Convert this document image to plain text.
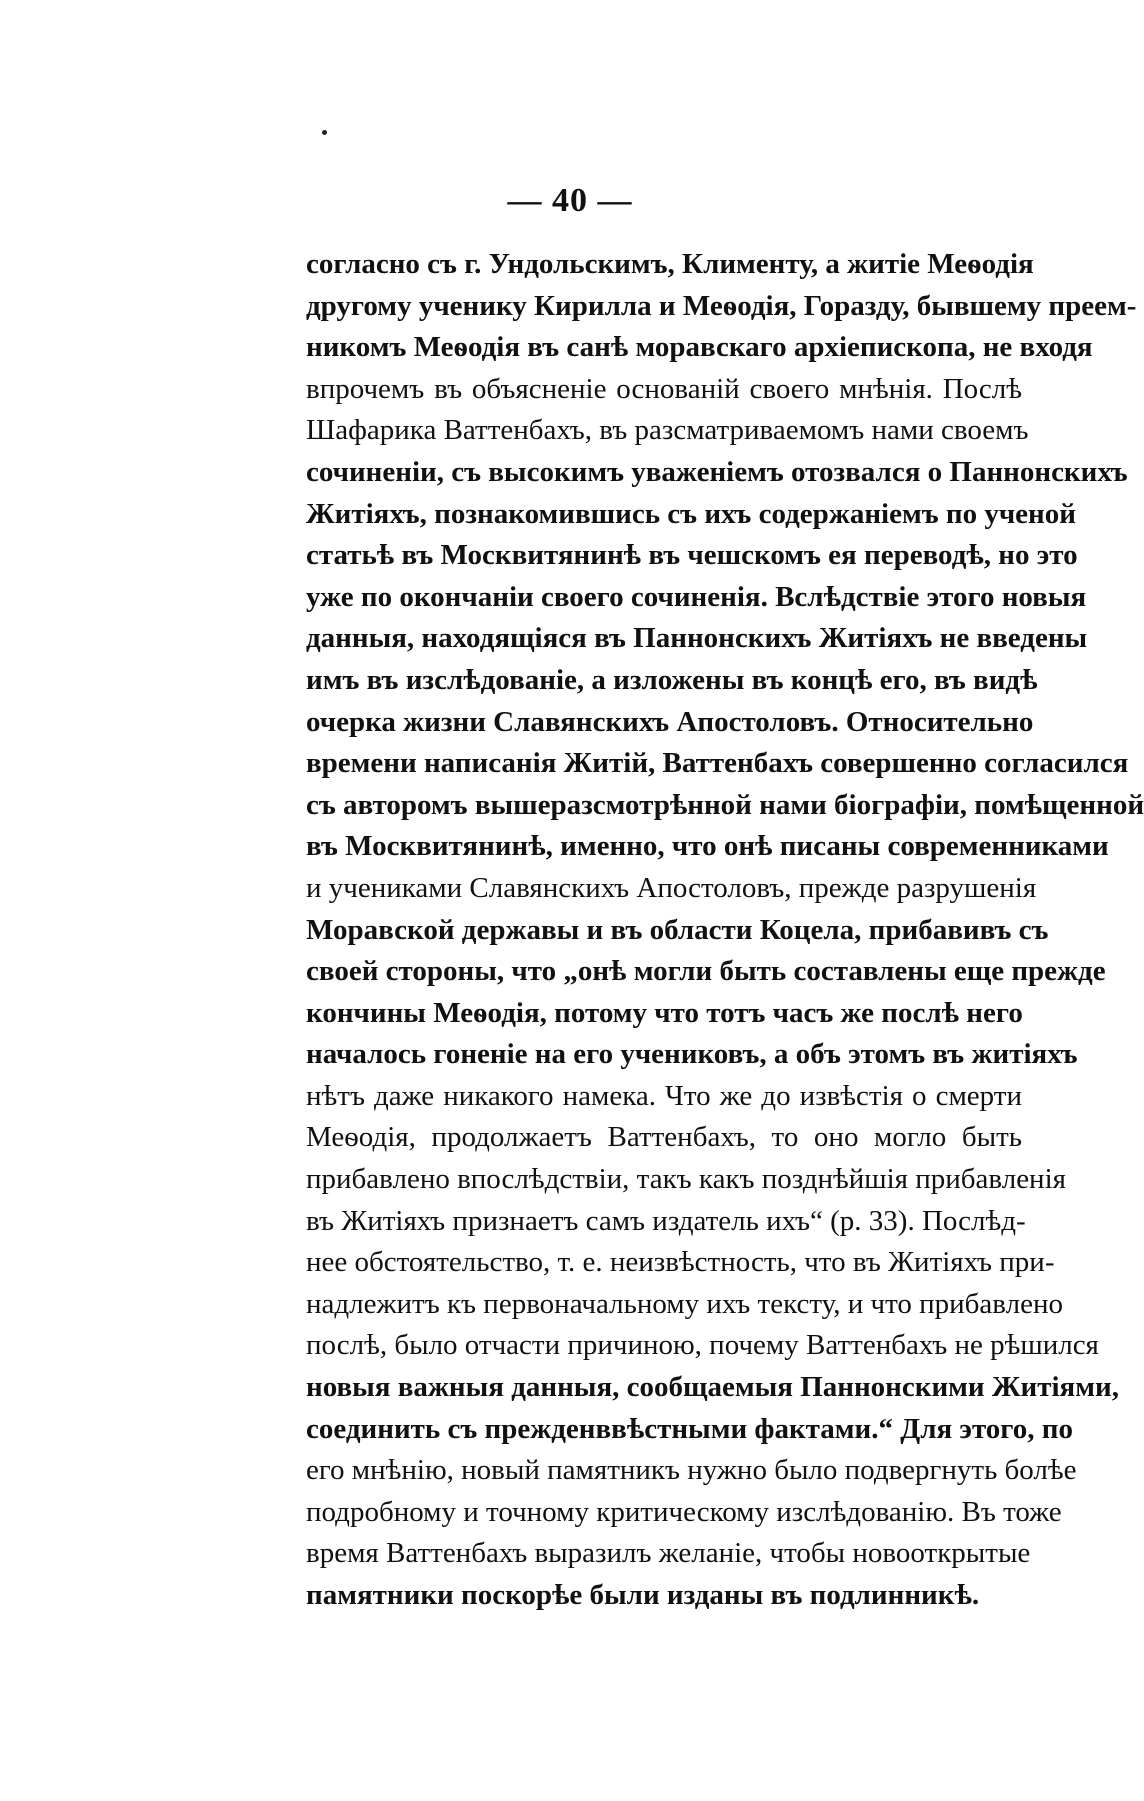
— 40 —
согласно съ г. Ундольскимъ, Клименту, а житіе Меѳодія
другому ученику Кирилла и Меѳодія, Горазду, бывшему преем-
никомъ Меѳодія въ санѣ моравскаго архіепископа, не входя
впрочемъ въ объясненіе основаній своего мнѣнія. Послѣ
Шафарика Ваттенбахъ, въ разсматриваемомъ нами своемъ
сочиненіи, съ высокимъ уваженіемъ отозвался о Паннонскихъ
Житіяхъ, познакомившись съ ихъ содержаніемъ по ученой
статьѣ въ Москвитянинѣ въ чешскомъ ея переводѣ, но это
уже по окончаніи своего сочиненія. Вслѣдствіе этого новыя
данныя, находящіяся въ Паннонскихъ Житіяхъ не введены
имъ въ изслѣдованіе, а изложены въ концѣ его, въ видѣ
очерка жизни Славянскихъ Апостоловъ. Относительно
времени написанія Житій, Ваттенбахъ совершенно согласился
съ авторомъ вышеразсмотрѣнной нами біографіи, помѣщенной
въ Москвитянинѣ, именно, что онѣ писаны современниками
и учениками Славянскихъ Апостоловъ, прежде разрушенія
Моравской державы и въ области Коцела, прибавивъ съ
своей стороны, что „онѣ могли быть составлены еще прежде
кончины Меѳодія, потому что тотъ часъ же послѣ него
началось гоненіе на его учениковъ, а объ этомъ въ житіяхъ
нѣтъ даже никакого намека. Что же до извѣстія о смерти
Меѳодія, продолжаетъ Ваттенбахъ, то оно могло быть
прибавлено впослѣдствіи, такъ какъ позднѣйшія прибавленія
въ Житіяхъ признаетъ самъ издатель ихъ“ (p. 33). Послѣд-
нее обстоятельство, т. е. неизвѣстность, что въ Житіяхъ при-
надлежитъ къ первоначальному ихъ тексту, и что прибавлено
послѣ, было отчасти причиною, почему Ваттенбахъ не рѣшился
новыя важныя данныя, сообщаемыя Паннонскими Житіями,
соединить съ прежденввѣстными фактами.“ Для этого, по
его мнѣнію, новый памятникъ нужно было подвергнуть болѣе
подробному и точному критическому изслѣдованію. Въ тоже
время Ваттенбахъ выразилъ желаніе, чтобы новооткрытые
памятники поскорѣе были изданы въ подлинникѣ.
